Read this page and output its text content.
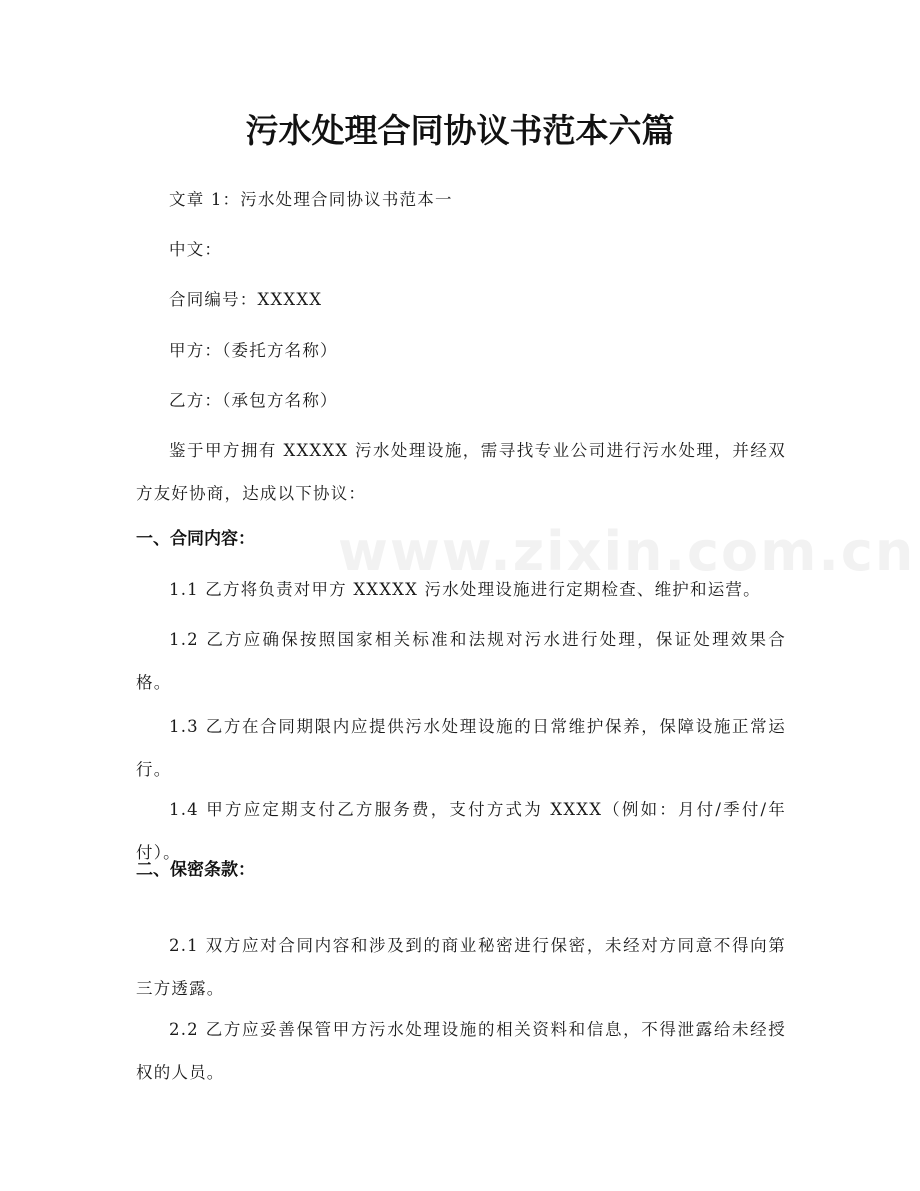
www.zixin.com.cn
污水处理合同协议书范本六篇
文章 1：污水处理合同协议书范本一
中文：
合同编号：XXXXX
甲方：（委托方名称）
乙方：（承包方名称）
鉴于甲方拥有 XXXXX 污水处理设施，需寻找专业公司进行污水处理，并经双方友好协商，达成以下协议：
一、合同内容：
1.1 乙方将负责对甲方 XXXXX 污水处理设施进行定期检查、维护和运营。
1.2 乙方应确保按照国家相关标准和法规对污水进行处理，保证处理效果合格。
1.3 乙方在合同期限内应提供污水处理设施的日常维护保养，保障设施正常运行。
1.4 甲方应定期支付乙方服务费，支付方式为 XXXX（例如：月付/季付/年付）。
二、保密条款：
2.1 双方应对合同内容和涉及到的商业秘密进行保密，未经对方同意不得向第三方透露。
2.2 乙方应妥善保管甲方污水处理设施的相关资料和信息，不得泄露给未经授权的人员。
